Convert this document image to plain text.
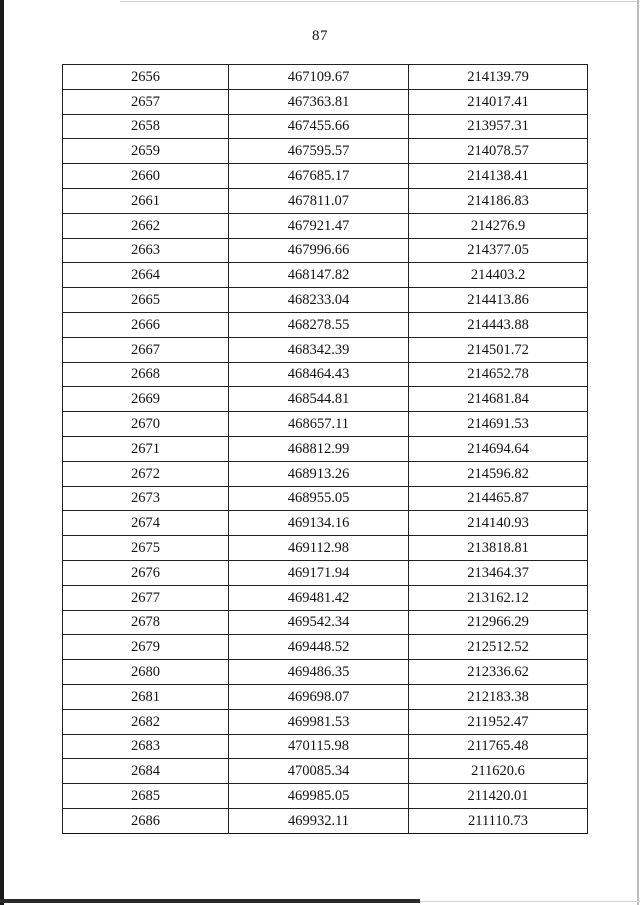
87
2656	467109.67	214139.79
2657	467363.81	214017.41
2658	467455.66	213957.31
2659	467595.57	214078.57
2660	467685.17	214138.41
2661	467811.07	214186.83
2662	467921.47	214276.9
2663	467996.66	214377.05
2664	468147.82	214403.2
2665	468233.04	214413.86
2666	468278.55	214443.88
2667	468342.39	214501.72
2668	468464.43	214652.78
2669	468544.81	214681.84
2670	468657.11	214691.53
2671	468812.99	214694.64
2672	468913.26	214596.82
2673	468955.05	214465.87
2674	469134.16	214140.93
2675	469112.98	213818.81
2676	469171.94	213464.37
2677	469481.42	213162.12
2678	469542.34	212966.29
2679	469448.52	212512.52
2680	469486.35	212336.62
2681	469698.07	212183.38
2682	469981.53	211952.47
2683	470115.98	211765.48
2684	470085.34	211620.6
2685	469985.05	211420.01
2686	469932.11	211110.73
